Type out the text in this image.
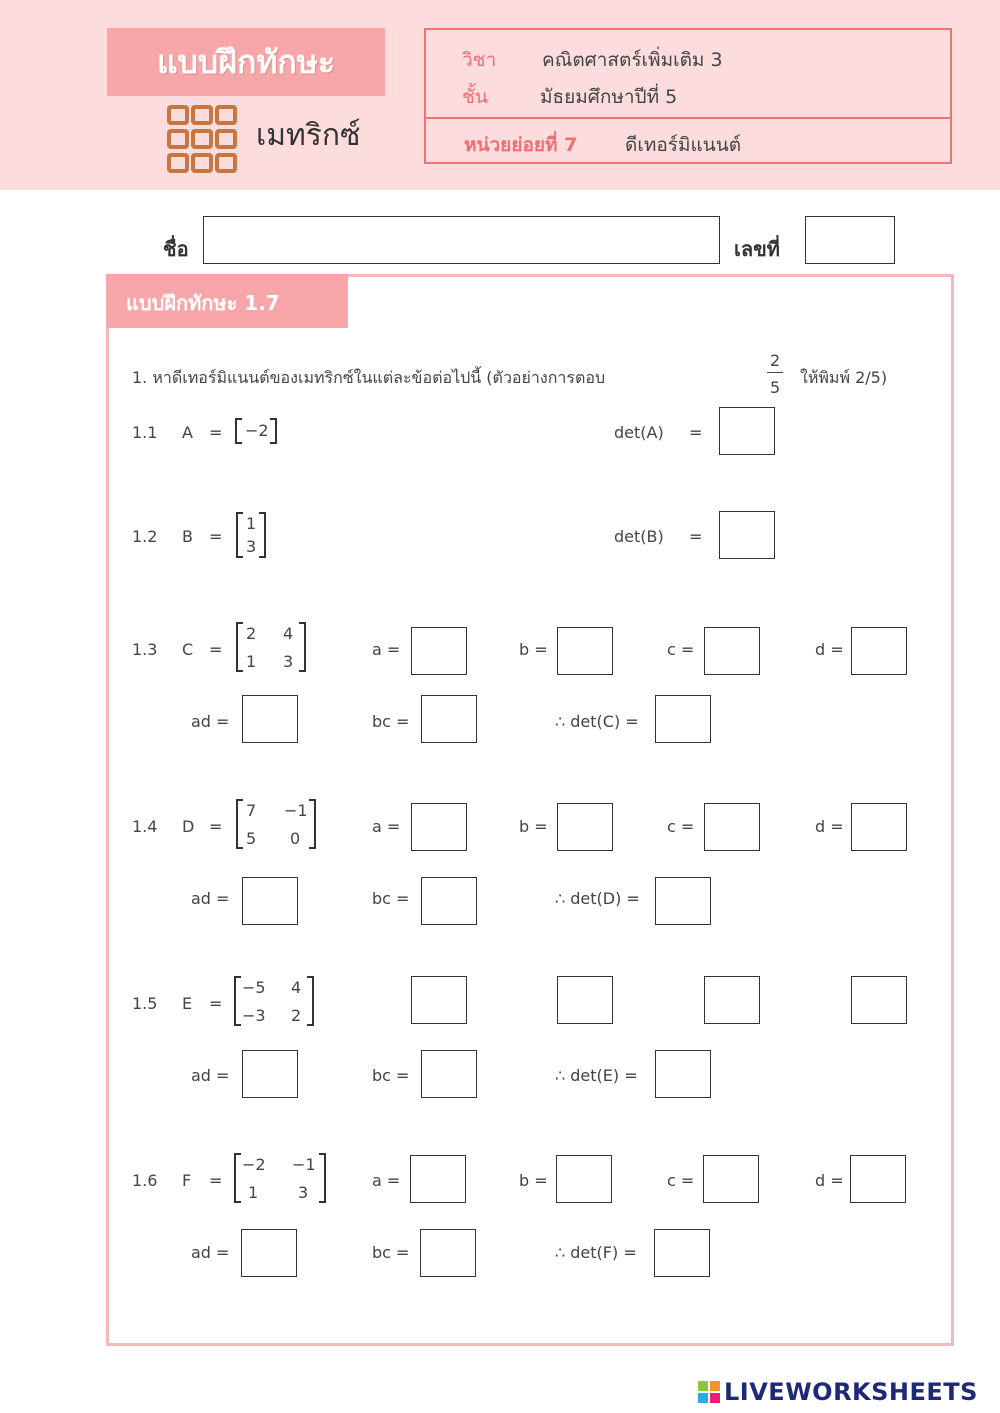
แบบฝึกทักษะ
เมทริกซ์
วิชา คณิตศาสตร์เพิ่มเติม 3
ชั้น	มัธยมศึกษาปีที่ 5
หน่วยย่อยที่ 7	ดีเทอร์มิแนนต์
ชื่อ	เลขที่
แบบฝึกทักษะ 1.7
1. หาดีเทอร์มิแนนต์ของเมทริกซ์ในแต่ละข้อต่อไปนี้ (ตัวอย่างการตอบ
2
5
ให้พิมพ์ 2/5)
1.1 A = −2	det(A) =
1.2 B =
1
3
det(B) =
1.3 C =
2 4
1 3
a =	b =	c =	d =
ad =	bc =	∴ det(C) =
1.4 D =
7 −1
5 0
a =	b =	c =	d =
ad =	bc =	∴ det(D) =
1.5 E =
−5 4
−3 2
ad =	bc =	∴ det(E) =
1.6 F =
−2 −1
1 3
a =	b =	c =	d =
ad =	bc =	∴ det(F) =
LIVEWORKSHEETS
